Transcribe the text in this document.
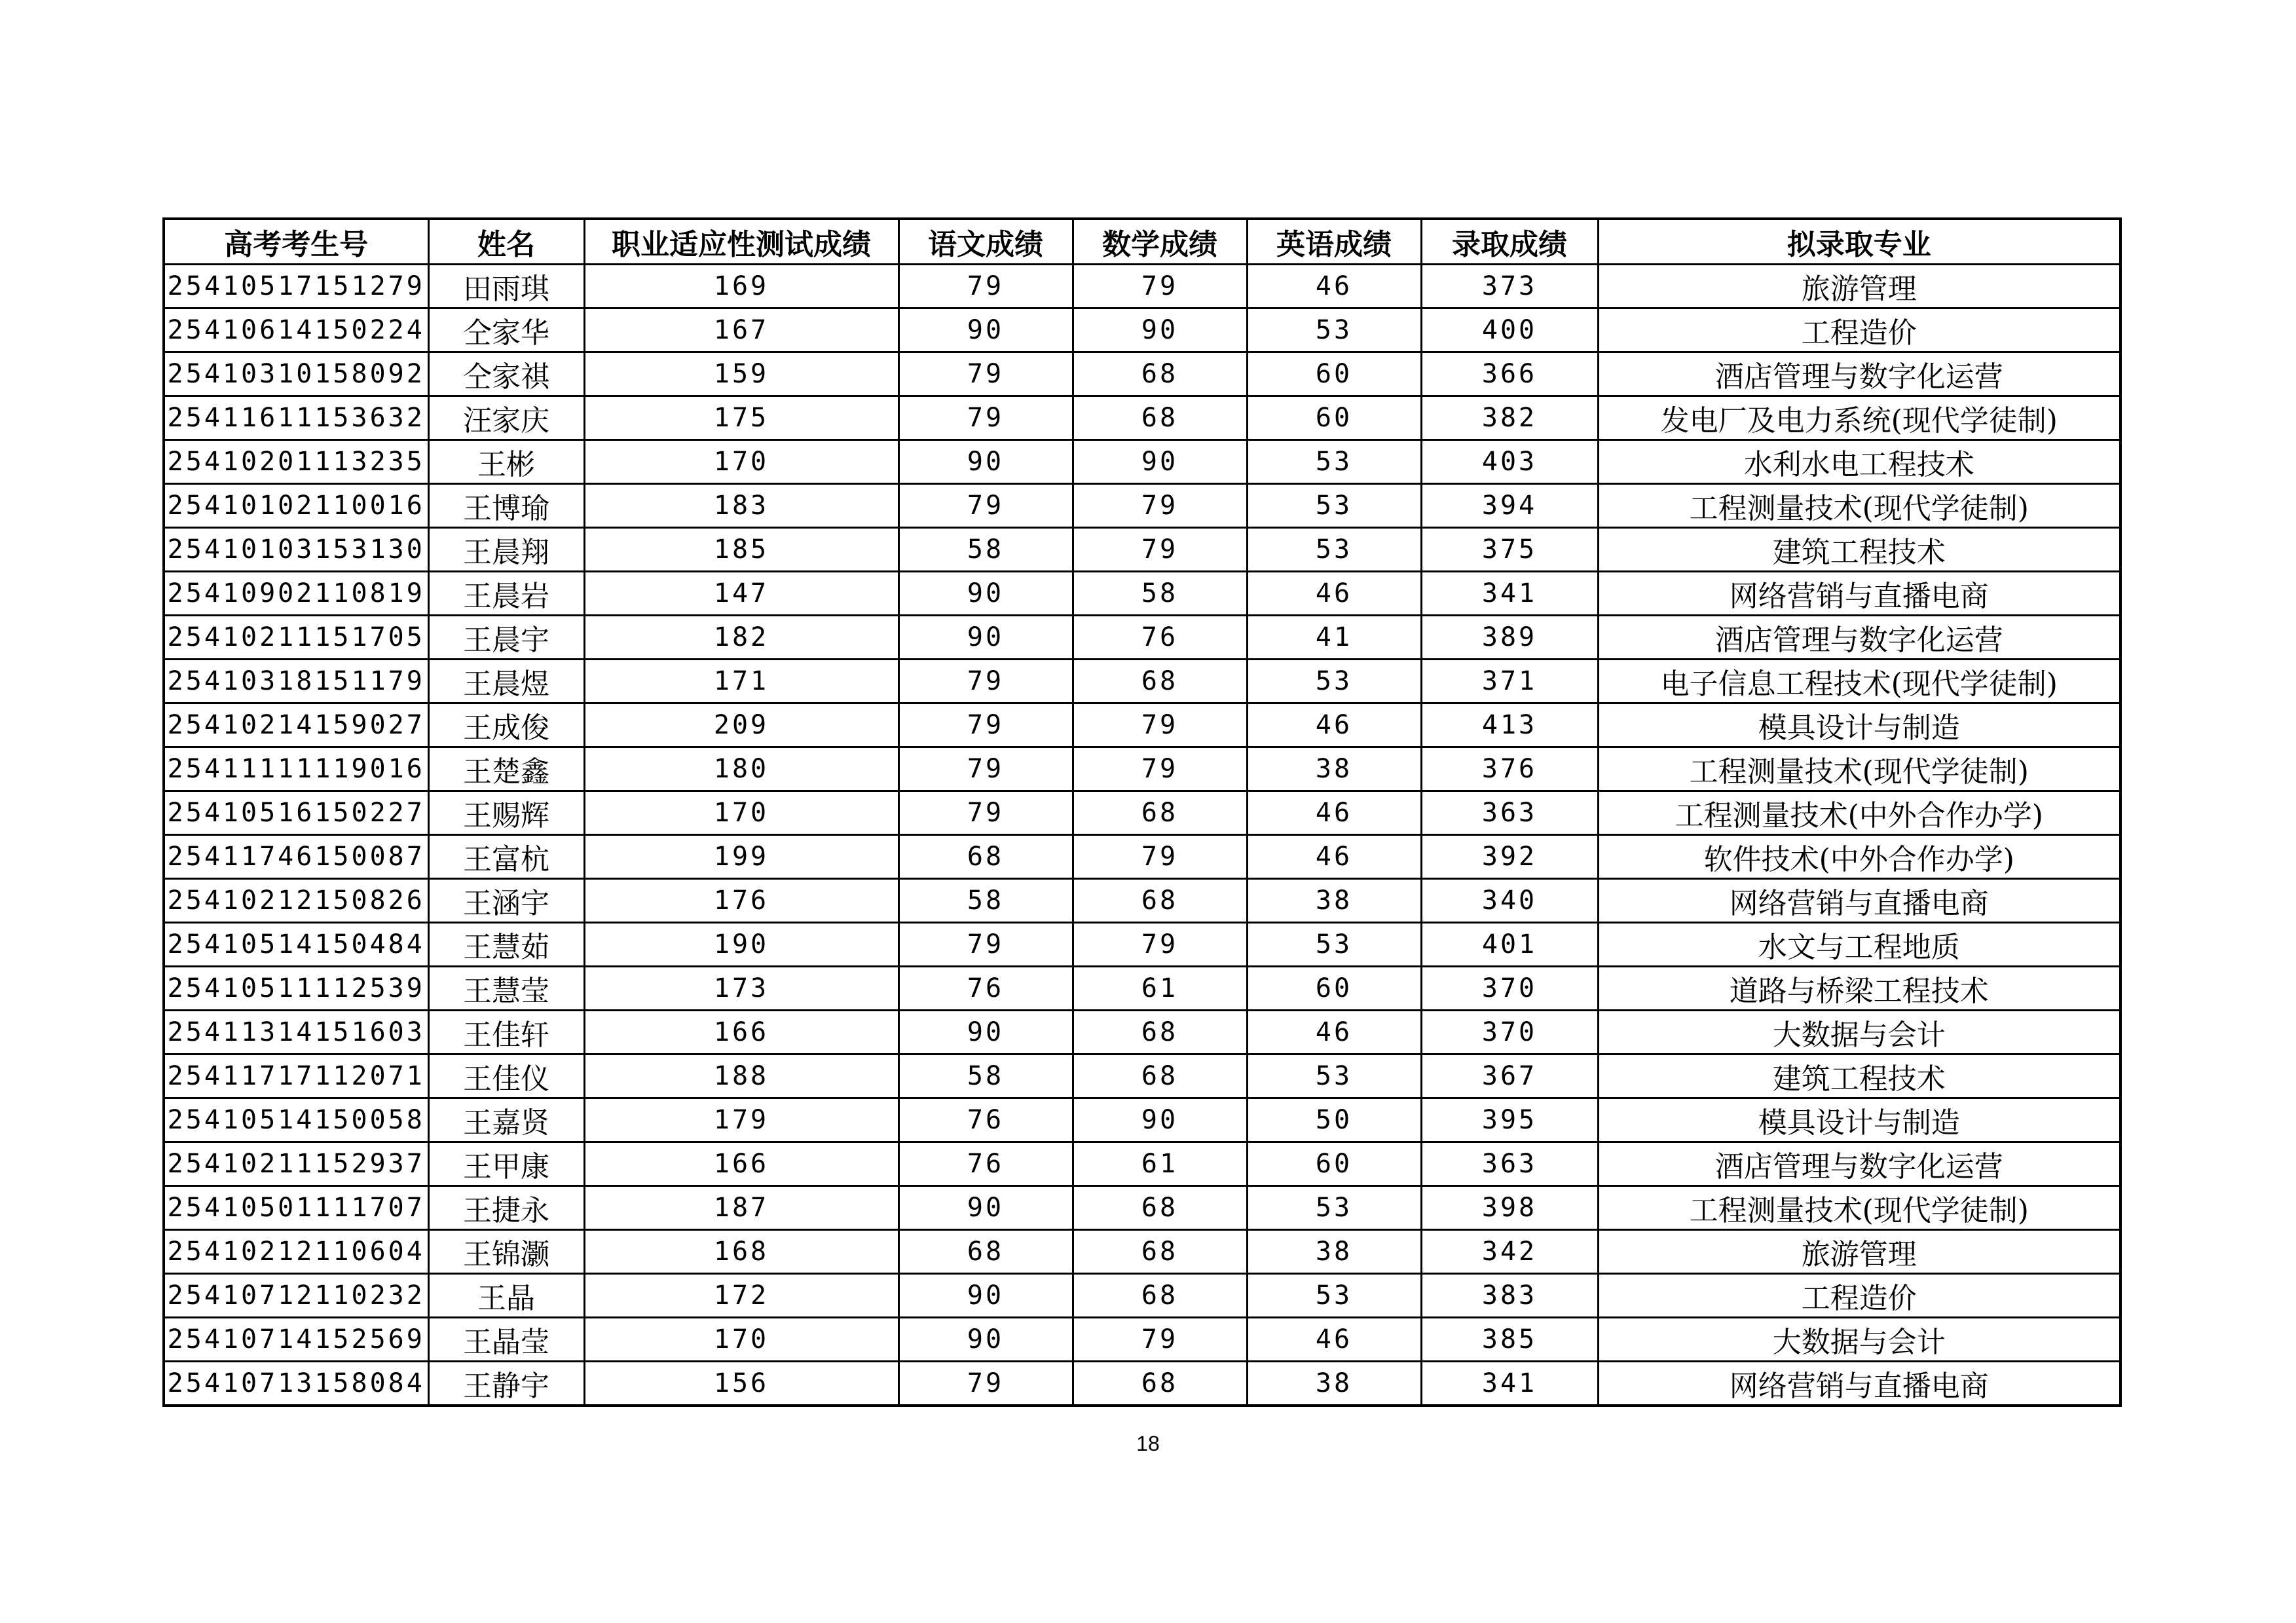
高考考生号	姓名	职业适应性测试成绩	语文成绩	数学成绩	英语成绩	录取成绩	拟录取专业
25410517151279	田雨琪	169	79	79	46	373	旅游管理
25410614150224	仝家华	167	90	90	53	400	工程造价
25410310158092	仝家祺	159	79	68	60	366	酒店管理与数字化运营
25411611153632	汪家庆	175	79	68	60	382	发电厂及电力系统(现代学徒制)
25410201113235	王彬	170	90	90	53	403	水利水电工程技术
25410102110016	王博瑜	183	79	79	53	394	工程测量技术(现代学徒制)
25410103153130	王晨翔	185	58	79	53	375	建筑工程技术
25410902110819	王晨岩	147	90	58	46	341	网络营销与直播电商
25410211151705	王晨宇	182	90	76	41	389	酒店管理与数字化运营
25410318151179	王晨煜	171	79	68	53	371	电子信息工程技术(现代学徒制)
25410214159027	王成俊	209	79	79	46	413	模具设计与制造
25411111119016	王楚鑫	180	79	79	38	376	工程测量技术(现代学徒制)
25410516150227	王赐辉	170	79	68	46	363	工程测量技术(中外合作办学)
25411746150087	王富杭	199	68	79	46	392	软件技术(中外合作办学)
25410212150826	王涵宇	176	58	68	38	340	网络营销与直播电商
25410514150484	王慧茹	190	79	79	53	401	水文与工程地质
25410511112539	王慧莹	173	76	61	60	370	道路与桥梁工程技术
25411314151603	王佳轩	166	90	68	46	370	大数据与会计
25411717112071	王佳仪	188	58	68	53	367	建筑工程技术
25410514150058	王嘉贤	179	76	90	50	395	模具设计与制造
25410211152937	王甲康	166	76	61	60	363	酒店管理与数字化运营
25410501111707	王捷永	187	90	68	53	398	工程测量技术(现代学徒制)
25410212110604	王锦灏	168	68	68	38	342	旅游管理
25410712110232	王晶	172	90	68	53	383	工程造价
25410714152569	王晶莹	170	90	79	46	385	大数据与会计
25410713158084	王静宇	156	79	68	38	341	网络营销与直播电商
18
